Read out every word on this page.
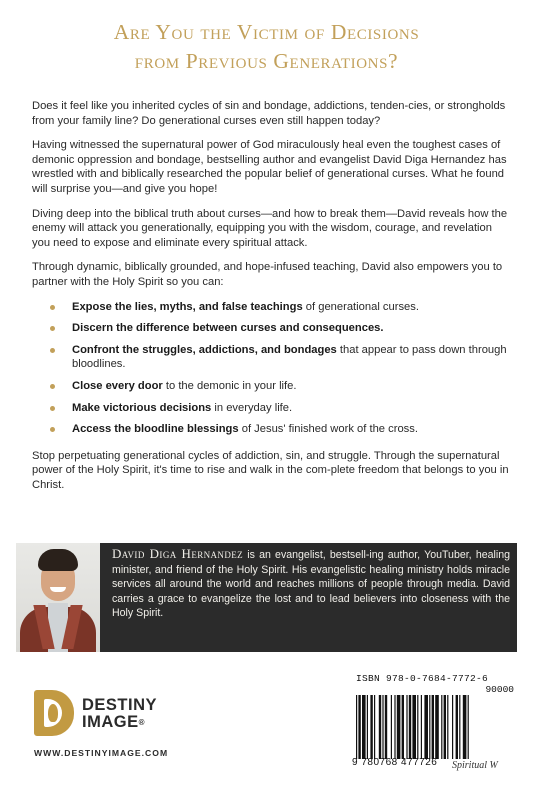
Are You the Victim of Decisions
from Previous Generations?

Does it feel like you inherited cycles of sin and bondage, addictions, tenden-cies, or strongholds from your family line? Do generational curses even still happen today?

Having witnessed the supernatural power of God miraculously heal even the toughest cases of demonic oppression and bondage, bestselling author and evangelist David Diga Hernandez has wrestled with and biblically researched the popular belief of generational curses. What he found will surprise you—and give you hope!

Diving deep into the biblical truth about curses—and how to break them—David reveals how the enemy will attack you generationally, equipping you with the wisdom, courage, and revelation you need to expose and eliminate every spiritual attack.

Through dynamic, biblically grounded, and hope-infused teaching, David also empowers you to partner with the Holy Spirit so you can:

Expose the lies, myths, and false teachings of generational curses.
Discern the difference between curses and consequences.
Confront the struggles, addictions, and bondages that appear to pass down through bloodlines.
Close every door to the demonic in your life.
Make victorious decisions in everyday life.
Access the bloodline blessings of Jesus' finished work of the cross.

Stop perpetuating generational cycles of addiction, sin, and struggle. Through the supernatural power of the Holy Spirit, it's time to rise and walk in the com-plete freedom that belongs to you in Christ.

David Diga Hernandez is an evangelist, bestsell-ing author, YouTuber, healing minister, and friend of the Holy Spirit. His evangelistic healing ministry holds miracle services all around the world and reaches millions of people through media. David carries a grace to evangelize the lost and to lead believers into closeness with the Holy Spirit.
DESTINY
IMAGE®
WWW.DESTINYIMAGE.COM
ISBN 978-0-7684-7772-6
90000
9 780768 477726	Spiritual W
